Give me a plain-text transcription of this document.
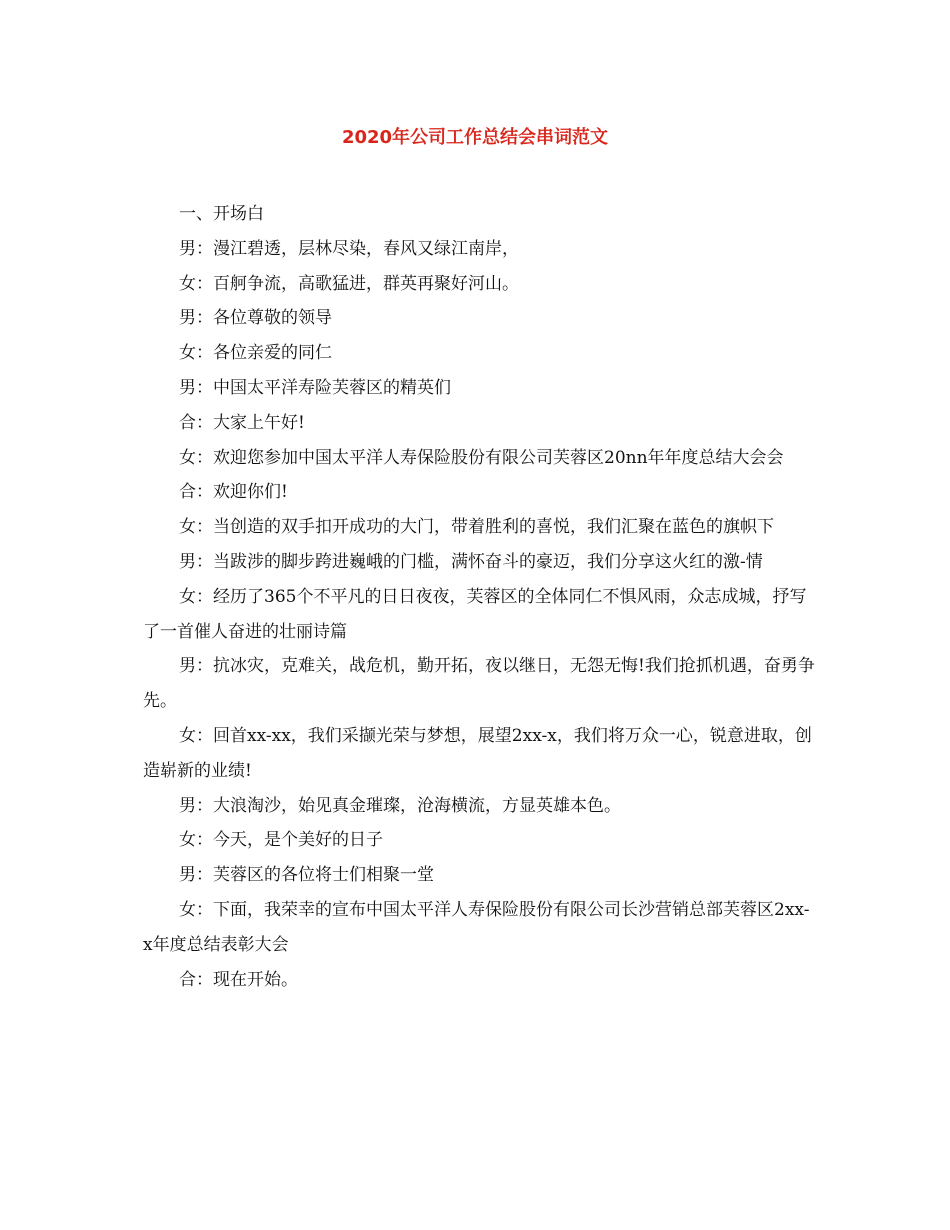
2020年公司工作总结会串词范文

一、开场白

男：漫江碧透，层林尽染，春风又绿江南岸，

女：百舸争流，高歌猛进，群英再聚好河山。

男：各位尊敬的领导

女：各位亲爱的同仁

男：中国太平洋寿险芙蓉区的精英们

合：大家上午好!

女：欢迎您参加中国太平洋人寿保险股份有限公司芙蓉区20nn年年度总结大会会

合：欢迎你们!

女：当创造的双手扣开成功的大门，带着胜利的喜悦，我们汇聚在蓝色的旗帜下

男：当跋涉的脚步跨进巍峨的门槛，满怀奋斗的豪迈，我们分享这火红的激-情

女：经历了365个不平凡的日日夜夜，芙蓉区的全体同仁不惧风雨，众志成城，抒写了一首催人奋进的壮丽诗篇

男：抗冰灾，克难关，战危机，勤开拓，夜以继日，无怨无悔!我们抢抓机遇，奋勇争先。

女：回首xx-xx，我们采撷光荣与梦想，展望2xx-x，我们将万众一心，锐意进取，创造崭新的业绩!

男：大浪淘沙，始见真金璀璨，沧海横流，方显英雄本色。

女：今天，是个美好的日子

男：芙蓉区的各位将士们相聚一堂

女：下面，我荣幸的宣布中国太平洋人寿保险股份有限公司长沙营销总部芙蓉区2xx-x年度总结表彰大会

合：现在开始。
